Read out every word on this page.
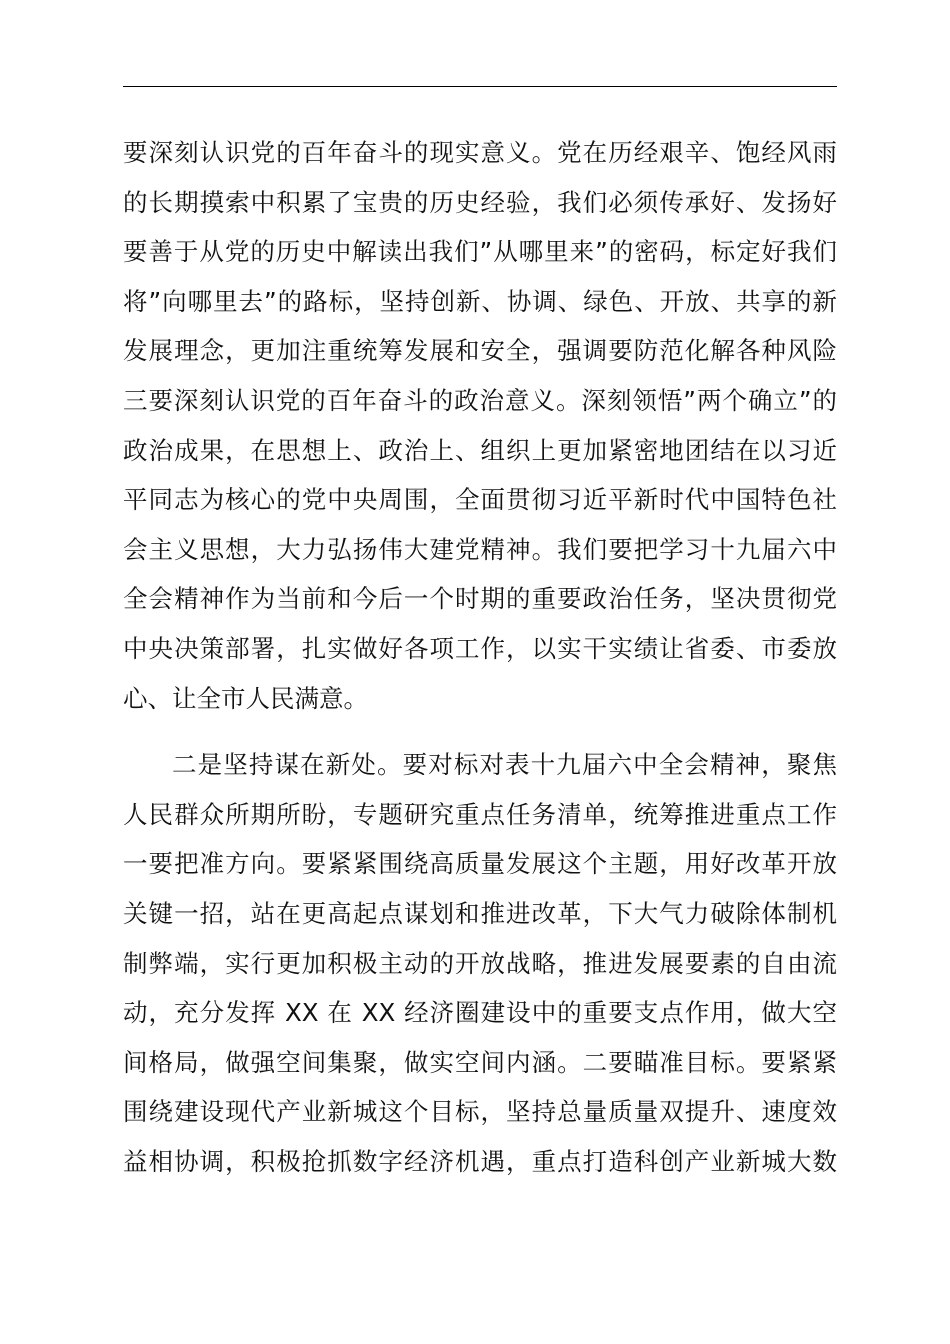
要深刻认识党的百年奋斗的现实意义。党在历经艰辛、饱经风雨
的长期摸索中积累了宝贵的历史经验，我们必须传承好、发扬好
要善于从党的历史中解读出我们”从哪里来”的密码，标定好我们
将”向哪里去”的路标，坚持创新、协调、绿色、开放、共享的新
发展理念，更加注重统筹发展和安全，强调要防范化解各种风险
三要深刻认识党的百年奋斗的政治意义。深刻领悟”两个确立”的
政治成果，在思想上、政治上、组织上更加紧密地团结在以习近
平同志为核心的党中央周围，全面贯彻习近平新时代中国特色社
会主义思想，大力弘扬伟大建党精神。我们要把学习十九届六中
全会精神作为当前和今后一个时期的重要政治任务，坚决贯彻党
中央决策部署，扎实做好各项工作，以实干实绩让省委、市委放
心、让全市人民满意。
二是坚持谋在新处。要对标对表十九届六中全会精神，聚焦
人民群众所期所盼，专题研究重点任务清单，统筹推进重点工作
一要把准方向。要紧紧围绕高质量发展这个主题，用好改革开放
关键一招，站在更高起点谋划和推进改革，下大气力破除体制机
制弊端，实行更加积极主动的开放战略，推进发展要素的自由流
动，充分发挥 XX 在 XX 经济圈建设中的重要支点作用，做大空
间格局，做强空间集聚，做实空间内涵。二要瞄准目标。要紧紧
围绕建设现代产业新城这个目标，坚持总量质量双提升、速度效
益相协调，积极抢抓数字经济机遇，重点打造科创产业新城大数
